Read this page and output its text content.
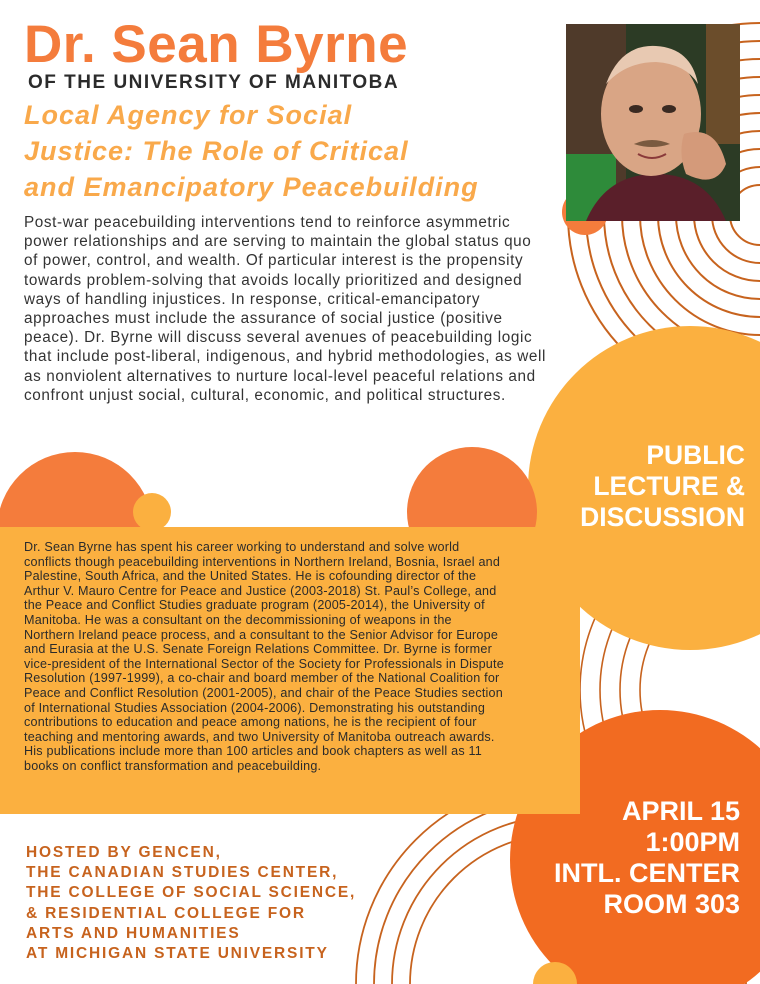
Dr. Sean Byrne
OF THE UNIVERSITY OF MANITOBA
Local Agency for Social
Justice: The Role of Critical
and Emancipatory Peacebuilding
Post-war peacebuilding interventions tend to reinforce asymmetric power relationships and are serving to maintain the global status quo of power, control, and wealth. Of particular interest is the propensity towards problem-solving that avoids locally prioritized and designed ways of handling injustices. In response, critical-emancipatory approaches must include the assurance of social justice (positive peace). Dr. Byrne will discuss several avenues of peacebuilding logic that include post-liberal, indigenous, and hybrid methodologies, as well as nonviolent alternatives to nurture local-level peaceful relations and confront unjust social, cultural, economic, and political structures.
PUBLIC
LECTURE &
DISCUSSION
Dr. Sean Byrne has spent his career working to understand and solve world conflicts though peacebuilding interventions in Northern Ireland, Bosnia, Israel and Palestine, South Africa, and the United States. He is cofounding director of the Arthur V. Mauro Centre for Peace and Justice (2003-2018) St. Paul’s College, and the Peace and Conflict Studies graduate program (2005-2014), the University of Manitoba. He was a consultant on the decommissioning of weapons in the Northern Ireland peace process, and a consultant to the Senior Advisor for Europe and Eurasia at the U.S. Senate Foreign Relations Committee. Dr. Byrne is former vice-president of the International Sector of the Society for Professionals in Dispute Resolution (1997-1999), a co-chair and board member of the National Coalition for Peace and Conflict Resolution (2001-2005), and chair of the Peace Studies section of International Studies Association (2004-2006). Demonstrating his outstanding contributions to education and peace among nations, he is the recipient of four teaching and mentoring awards, and two University of Manitoba outreach awards. His publications include more than 100 articles and book chapters as well as 11 books on conflict transformation and peacebuilding.
APRIL 15
1:00PM
INTL. CENTER
ROOM 303
HOSTED BY GENCEN,
THE CANADIAN STUDIES CENTER,
THE COLLEGE OF SOCIAL SCIENCE,
& RESIDENTIAL COLLEGE FOR
ARTS AND HUMANITIES
AT MICHIGAN STATE UNIVERSITY
